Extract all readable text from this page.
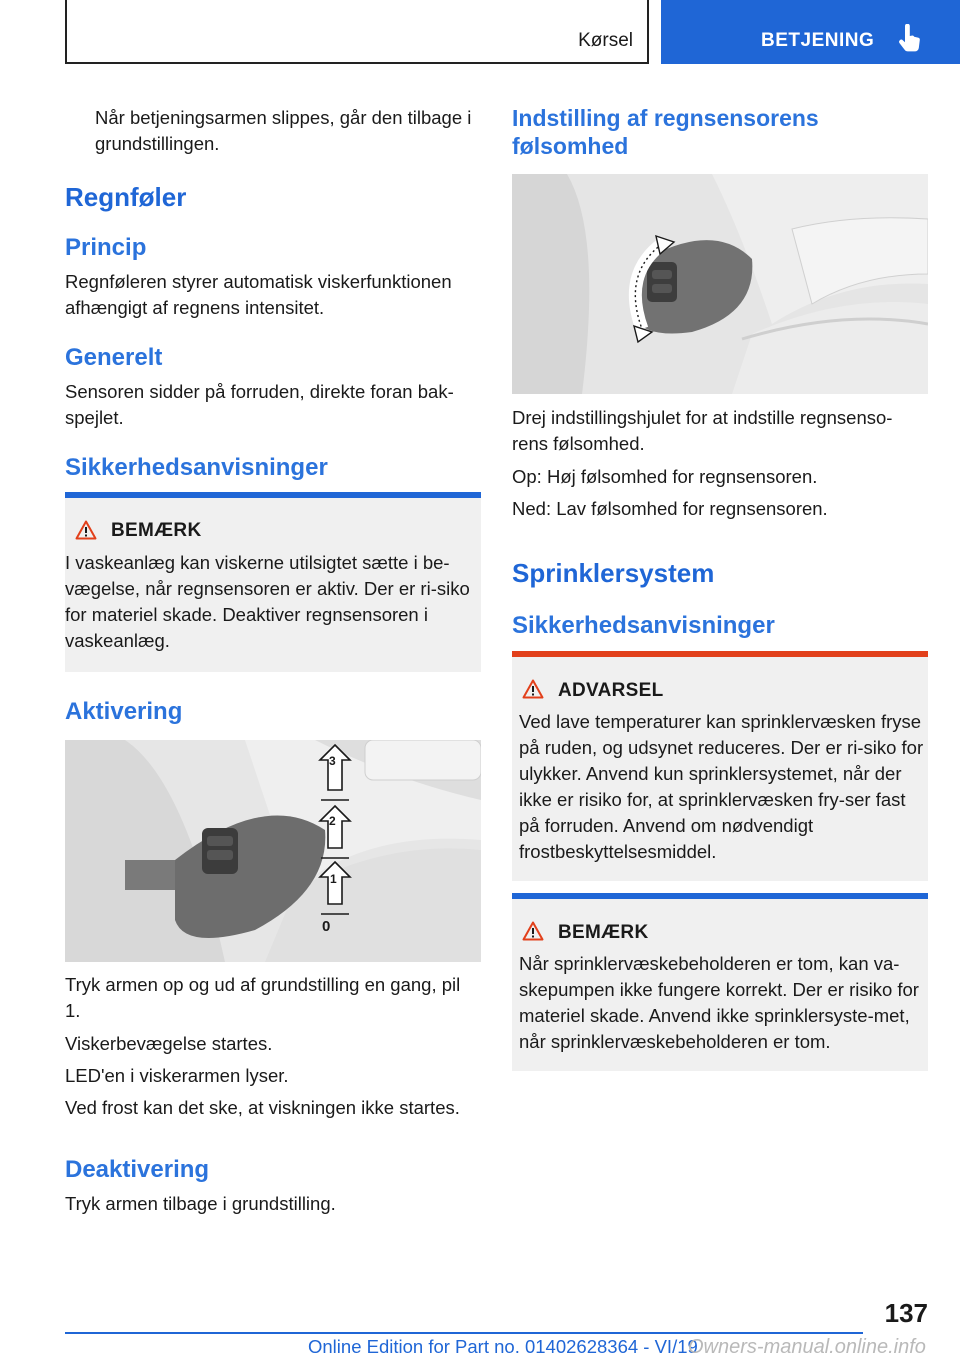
Kørsel	BETJENING

Når betjeningsarmen slippes, går den tilbage i grundstillingen.

Regnføler
Princip

Regnføleren styrer automatisk viskerfunktionen afhængigt af regnens intensitet.

Generelt

Sensoren sidder på forruden, direkte foran bak-spejlet.

Sikkerhedsanvisninger
BEMÆRK

I vaskeanlæg kan viskerne utilsigtet sætte i be-vægelse, når regnsensoren er aktiv. Der er ri-siko for materiel skade. Deaktiver regnsensoren i vaskeanlæg.

Aktivering
3
2
1
0

Tryk armen op og ud af grundstilling en gang, pil 1.

Viskerbevægelse startes.

LED'en i viskerarmen lyser.

Ved frost kan det ske, at viskningen ikke startes.

Deaktivering

Tryk armen tilbage i grundstilling.

Indstilling af regnsensorens følsomhed

Drej indstillingshjulet for at indstille regnsenso-rens følsomhed.

Op: Høj følsomhed for regnsensoren.

Ned: Lav følsomhed for regnsensoren.

Sprinklersystem
Sikkerhedsanvisninger
ADVARSEL

Ved lave temperaturer kan sprinklervæsken fryse på ruden, og udsynet reduceres. Der er ri-siko for ulykker. Anvend kun sprinklersystemet, når der ikke er risiko for, at sprinklervæsken fry-ser fast på forruden. Anvend om nødvendigt frostbeskyttelsesmiddel.

BEMÆRK

Når sprinklervæskebeholderen er tom, kan va-skepumpen ikke fungere korrekt. Der er risiko for materiel skade. Anvend ikke sprinklersyste-met, når sprinklervæskebeholderen er tom.

137
Online Edition for Part no. 01402628364 - VI/19
Owners-manual.online.info
